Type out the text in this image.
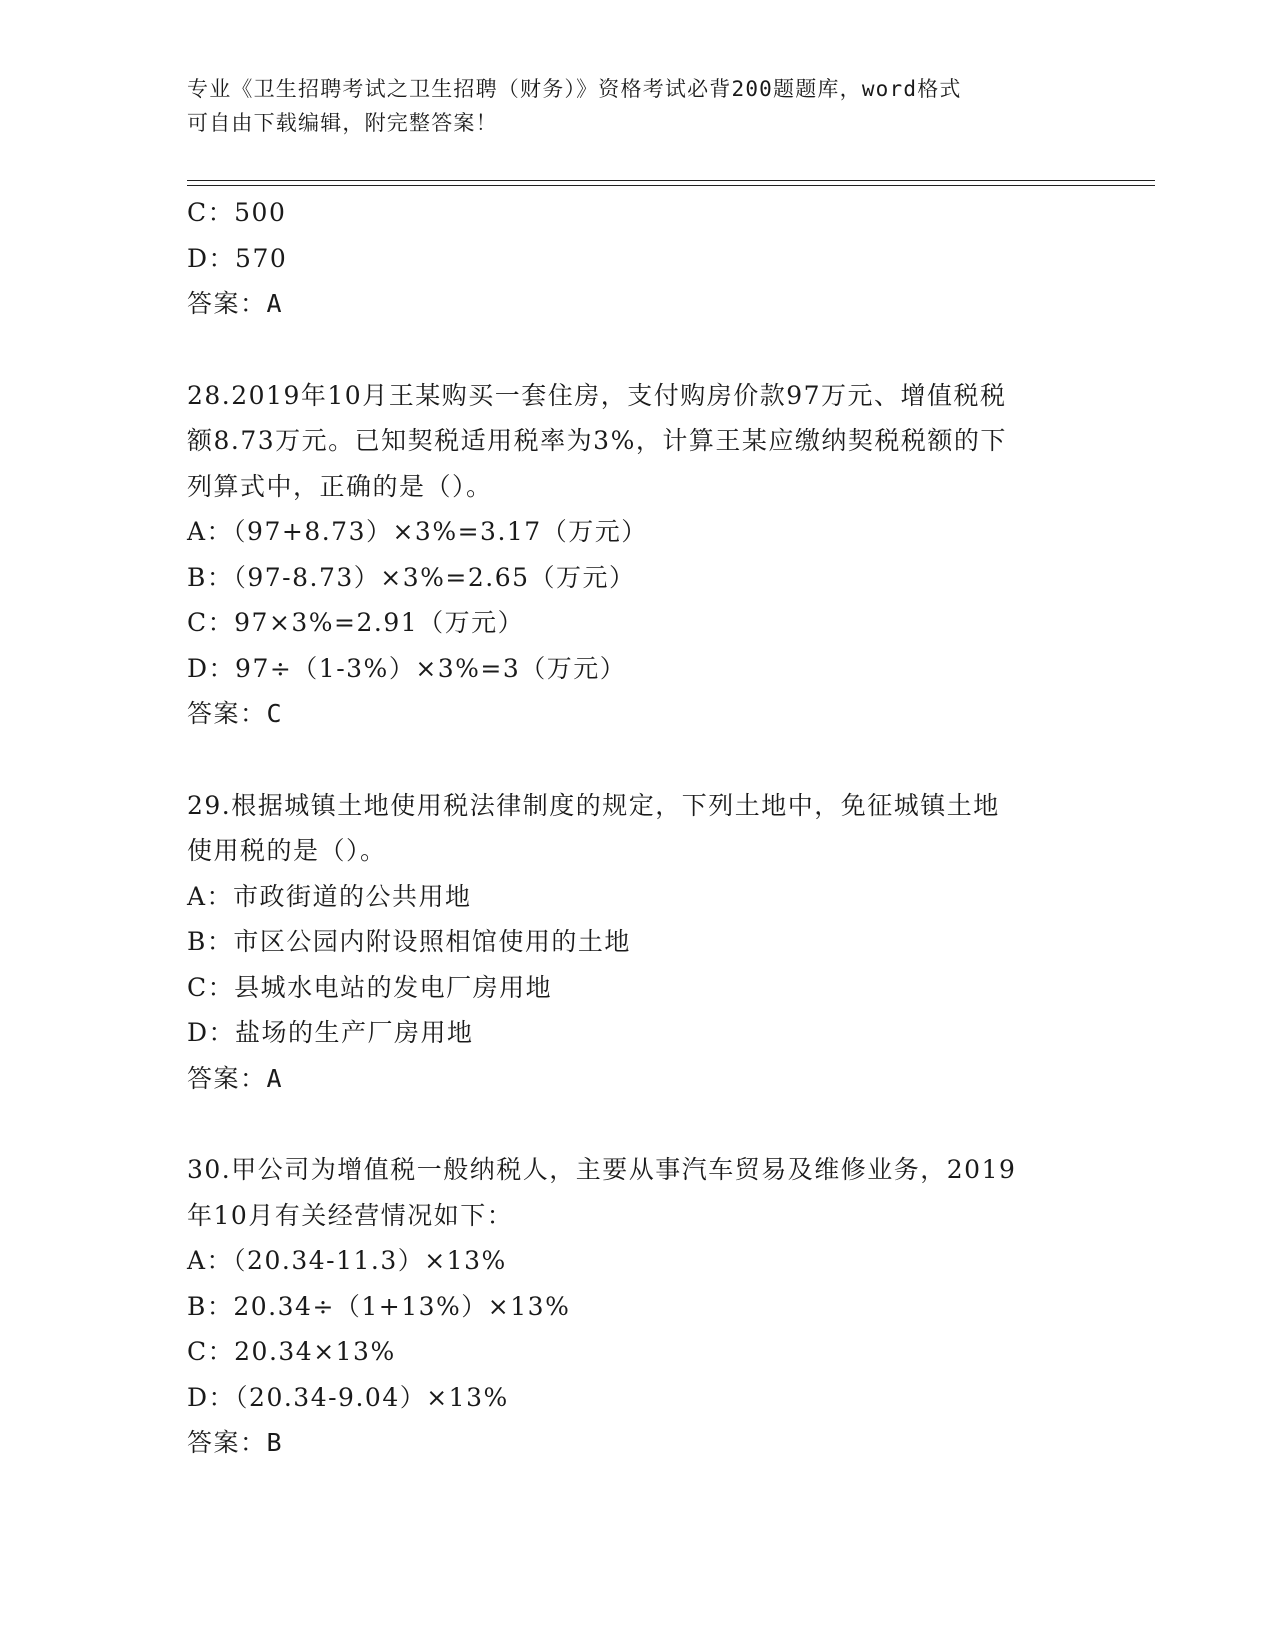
专业《卫生招聘考试之卫生招聘（财务）》资格考试必背200题题库，word格式
可自由下载编辑，附完整答案！
C：500
D：570
答案：A
28.2019年10月王某购买一套住房，支付购房价款97万元、增值税税
额8.73万元。已知契税适用税率为3%，计算王某应缴纳契税税额的下
列算式中，正确的是（）。
A：（97+8.73）×3%=3.17（万元）
B：（97-8.73）×3%=2.65（万元）
C：97×3%=2.91（万元）
D：97÷（1-3%）×3%=3（万元）
答案：C
29.根据城镇土地使用税法律制度的规定，下列土地中，免征城镇土地
使用税的是（）。
A：市政街道的公共用地
B：市区公园内附设照相馆使用的土地
C：县城水电站的发电厂房用地
D：盐场的生产厂房用地
答案：A
30.甲公司为增值税一般纳税人，主要从事汽车贸易及维修业务，2019
年10月有关经营情况如下：
A：（20.34-11.3）×13%
B：20.34÷（1+13%）×13%
C：20.34×13%
D：（20.34-9.04）×13%
答案：B
